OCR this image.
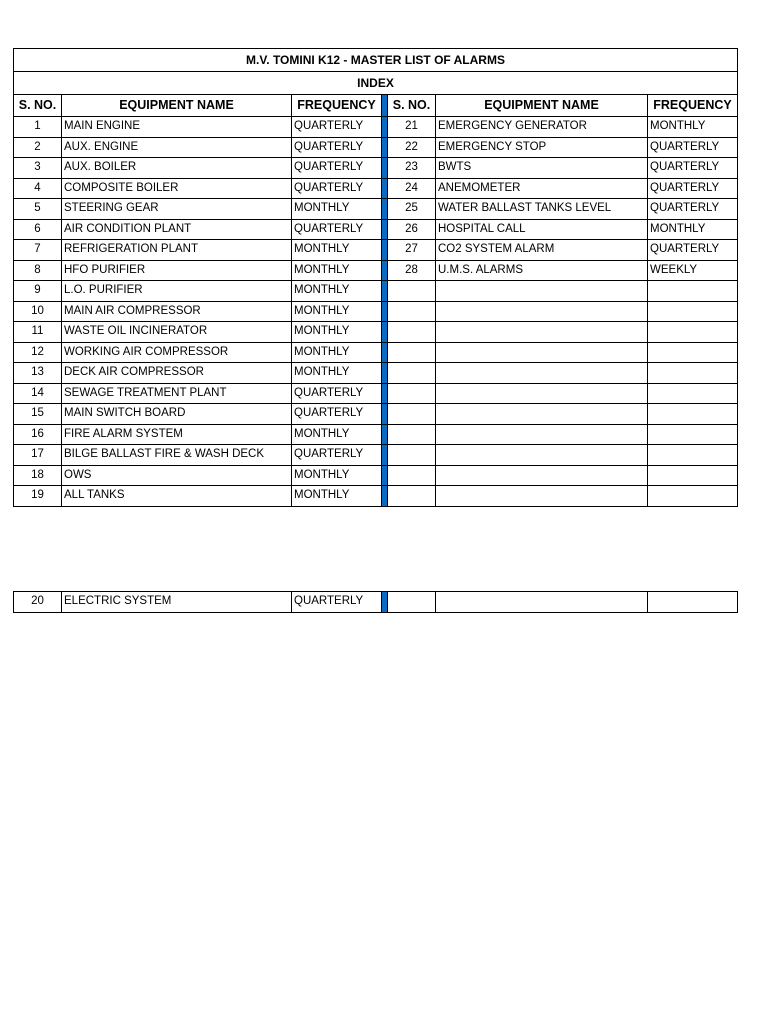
M.V. TOMINI K12 - MASTER LIST OF ALARMS						
INDEX						
S. NO.	EQUIPMENT NAME	FREQUENCY		S. NO.	EQUIPMENT NAME	FREQUENCY
1	MAIN ENGINE	QUARTERLY		21	EMERGENCY GENERATOR	MONTHLY
2	AUX. ENGINE	QUARTERLY		22	EMERGENCY STOP	QUARTERLY
3	AUX. BOILER	QUARTERLY		23	BWTS	QUARTERLY
4	COMPOSITE BOILER	QUARTERLY		24	ANEMOMETER	QUARTERLY
5	STEERING GEAR	MONTHLY		25	WATER BALLAST TANKS LEVEL	QUARTERLY
6	AIR CONDITION PLANT	QUARTERLY		26	HOSPITAL CALL	MONTHLY
7	REFRIGERATION PLANT	MONTHLY		27	CO2 SYSTEM ALARM	QUARTERLY
8	HFO PURIFIER	MONTHLY		28	U.M.S. ALARMS	WEEKLY
9	L.O. PURIFIER	MONTHLY				
10	MAIN AIR COMPRESSOR	MONTHLY				
11	WASTE OIL INCINERATOR	MONTHLY				
12	WORKING AIR COMPRESSOR	MONTHLY				
13	DECK AIR COMPRESSOR	MONTHLY				
14	SEWAGE TREATMENT PLANT	QUARTERLY				
15	MAIN SWITCH BOARD	QUARTERLY				
16	FIRE ALARM SYSTEM	MONTHLY				
17	BILGE BALLAST FIRE & WASH DECK	QUARTERLY				
18	OWS	MONTHLY				
19	ALL TANKS	MONTHLY				
20	ELECTRIC SYSTEM	QUARTERLY				
